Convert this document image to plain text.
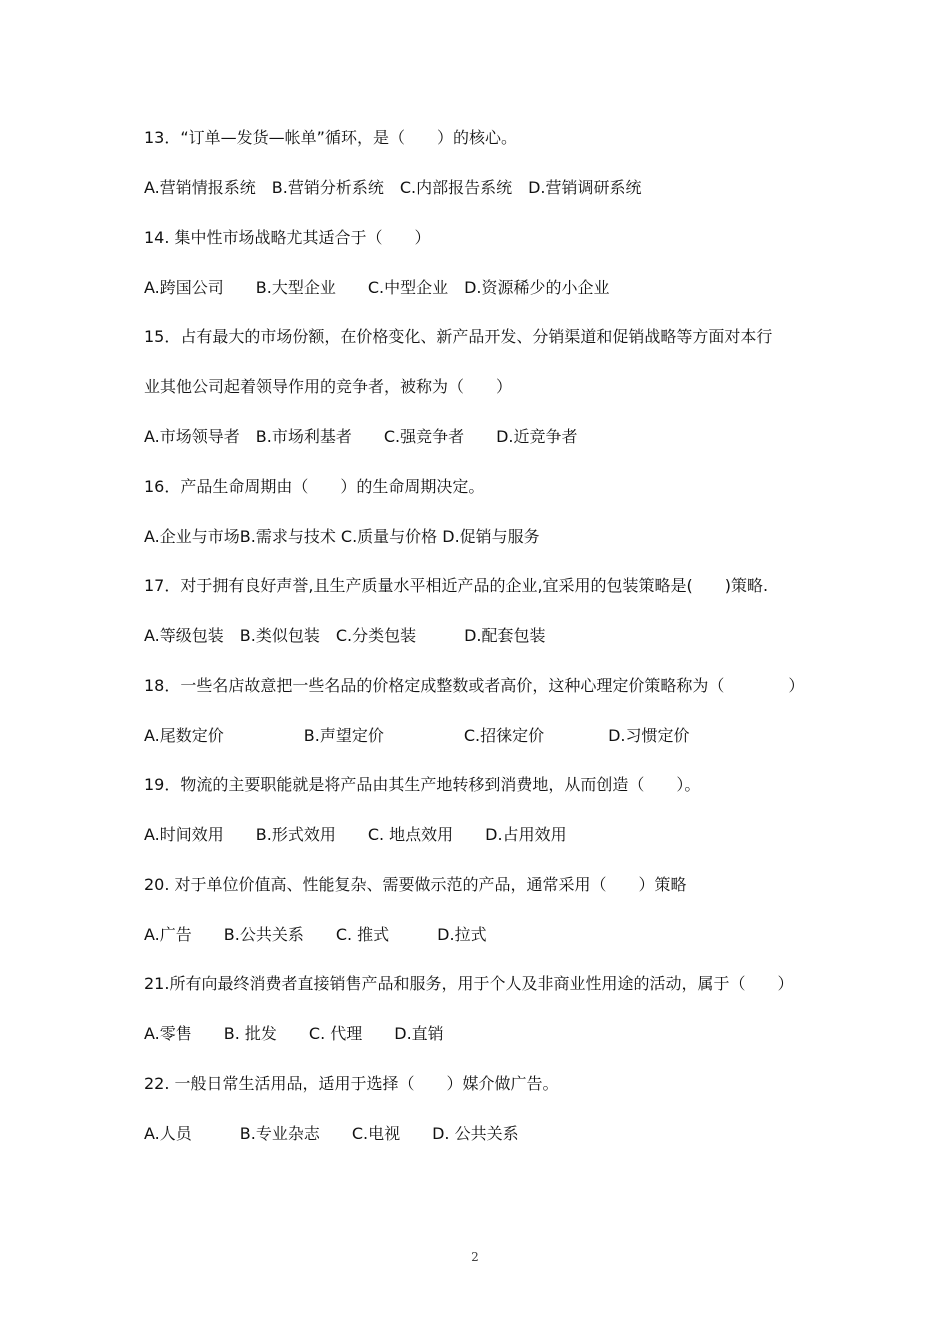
13．“订单—发货—帐单”循环，是（　　）的核心。
A.营销情报系统　B.营销分析系统　C.内部报告系统　D.营销调研系统
14. 集中性市场战略尤其适合于（　　）
A.跨国公司　　B.大型企业　　C.中型企业　D.资源稀少的小企业
15．占有最大的市场份额，在价格变化、新产品开发、分销渠道和促销战略等方面对本行
业其他公司起着领导作用的竞争者，被称为（　　）
A.市场领导者　B.市场利基者　　C.强竞争者　　D.近竞争者
16．产品生命周期由（　　）的生命周期决定。
A.企业与市场B.需求与技术 C.质量与价格 D.促销与服务
17．对于拥有良好声誉,且生产质量水平相近产品的企业,宜采用的包装策略是(　　)策略.
A.等级包装　B.类似包装　C.分类包装　　　D.配套包装
18．一些名店故意把一些名品的价格定成整数或者高价，这种心理定价策略称为（　　　　）
A.尾数定价　　　　　B.声望定价　　　　　C.招徕定价　　　　D.习惯定价
19．物流的主要职能就是将产品由其生产地转移到消费地，从而创造（　　）。
A.时间效用　　B.形式效用　　C. 地点效用　　D.占用效用
20. 对于单位价值高、性能复杂、需要做示范的产品，通常采用（　　）策略
A.广告　　B.公共关系　　C. 推式　　　D.拉式
21.所有向最终消费者直接销售产品和服务，用于个人及非商业性用途的活动，属于（　　）
A.零售　　B. 批发　　C. 代理　　D.直销
22. 一般日常生活用品，适用于选择（　　）媒介做广告。
A.人员　　　B.专业杂志　　C.电视　　D. 公共关系
2
